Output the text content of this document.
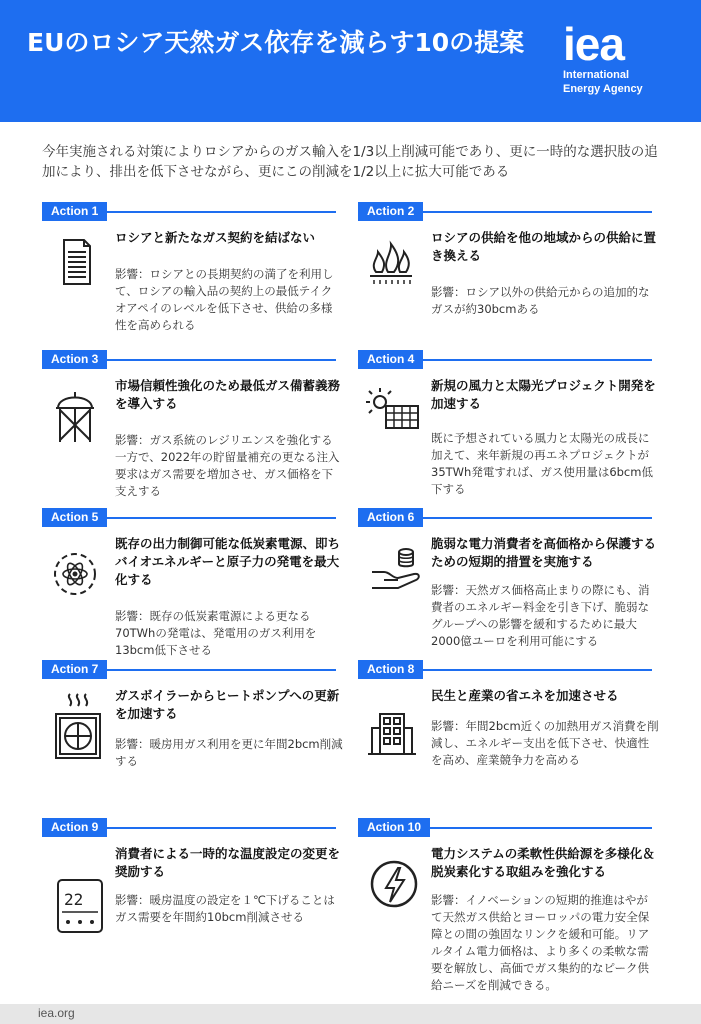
EUのロシア天然ガス依存を減らす10の提案 iea
International
Energy Agency
今年実施される対策によりロシアからのガス輸入を1/3以上削減可能であり、更に一時的な選択肢の追加により、排出を低下させながら、更にこの削減を1/2以上に拡大可能である
Action 1
ロシアと新たなガス契約を結ばない
影響：ロシアとの長期契約の満了を利用して、ロシアの輸入品の契約上の最低テイクオアペイのレベルを低下させ、供給の多様性を高められる
Action 2
ロシアの供給を他の地域からの供給に置き換える
影響：ロシア以外の供給元からの追加的なガスが約30bcmある
Action 3
市場信頼性強化のため最低ガス備蓄義務を導入する
影響：ガス系統のレジリエンスを強化する一方で、2022年の貯留量補充の更なる注入要求はガス需要を増加させ、ガス価格を下支えする
Action 4
新規の風力と太陽光プロジェクト開発を加速する
既に予想されている風力と太陽光の成長に加えて、来年新規の再エネプロジェクトが35TWh発電すれば、ガス使用量は6bcm低下する
Action 5
既存の出力制御可能な低炭素電源、即ちバイオエネルギーと原子力の発電を最大化する
影響：既存の低炭素電源による更なる70TWhの発電は、発電用のガス利用を13bcm低下させる
Action 6
脆弱な電力消費者を高価格から保護するための短期的措置を実施する
影響：天然ガス価格高止まりの際にも、消費者のエネルギー料金を引き下げ、脆弱なグループへの影響を緩和するために最大2000億ユーロを利用可能にする
Action 7
ガスボイラーからヒートポンプへの更新を加速する
影響：暖房用ガス利用を更に年間2bcm削減する
Action 8
民生と産業の省エネを加速させる
影響：年間2bcm近くの加熱用ガス消費を削減し、エネルギー支出を低下させ、快適性を高め、産業競争力を高める
Action 9
22
消費者による一時的な温度設定の変更を奨励する
影響：暖房温度の設定を１℃下げることはガス需要を年間約10bcm削減させる
Action 10
電力システムの柔軟性供給源を多様化＆脱炭素化する取組みを強化する
影響：イノベーションの短期的推進はやがて天然ガス供給とヨーロッパの電力安全保障との間の強固なリンクを緩和可能。リアルタイム電力価格は、より多くの柔軟な需要を解放し、高価でガス集約的なピーク供給ニーズを削減できる。
iea.org
